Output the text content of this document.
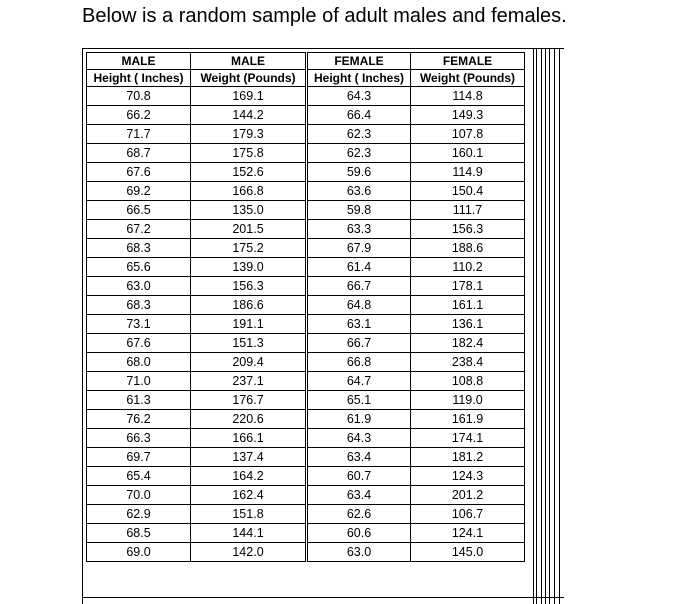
Below is a random sample of adult males and females.
MALE	MALE	FEMALE	FEMALE
Height ( Inches)	Weight (Pounds)	Height ( Inches)	Weight (Pounds)
70.8	169.1	64.3	114.8
66.2	144.2	66.4	149.3
71.7	179.3	62.3	107.8
68.7	175.8	62.3	160.1
67.6	152.6	59.6	114.9
69.2	166.8	63.6	150.4
66.5	135.0	59.8	111.7
67.2	201.5	63.3	156.3
68.3	175.2	67.9	188.6
65.6	139.0	61.4	110.2
63.0	156.3	66.7	178.1
68.3	186.6	64.8	161.1
73.1	191.1	63.1	136.1
67.6	151.3	66.7	182.4
68.0	209.4	66.8	238.4
71.0	237.1	64.7	108.8
61.3	176.7	65.1	119.0
76.2	220.6	61.9	161.9
66.3	166.1	64.3	174.1
69.7	137.4	63.4	181.2
65.4	164.2	60.7	124.3
70.0	162.4	63.4	201.2
62.9	151.8	62.6	106.7
68.5	144.1	60.6	124.1
69.0	142.0	63.0	145.0
